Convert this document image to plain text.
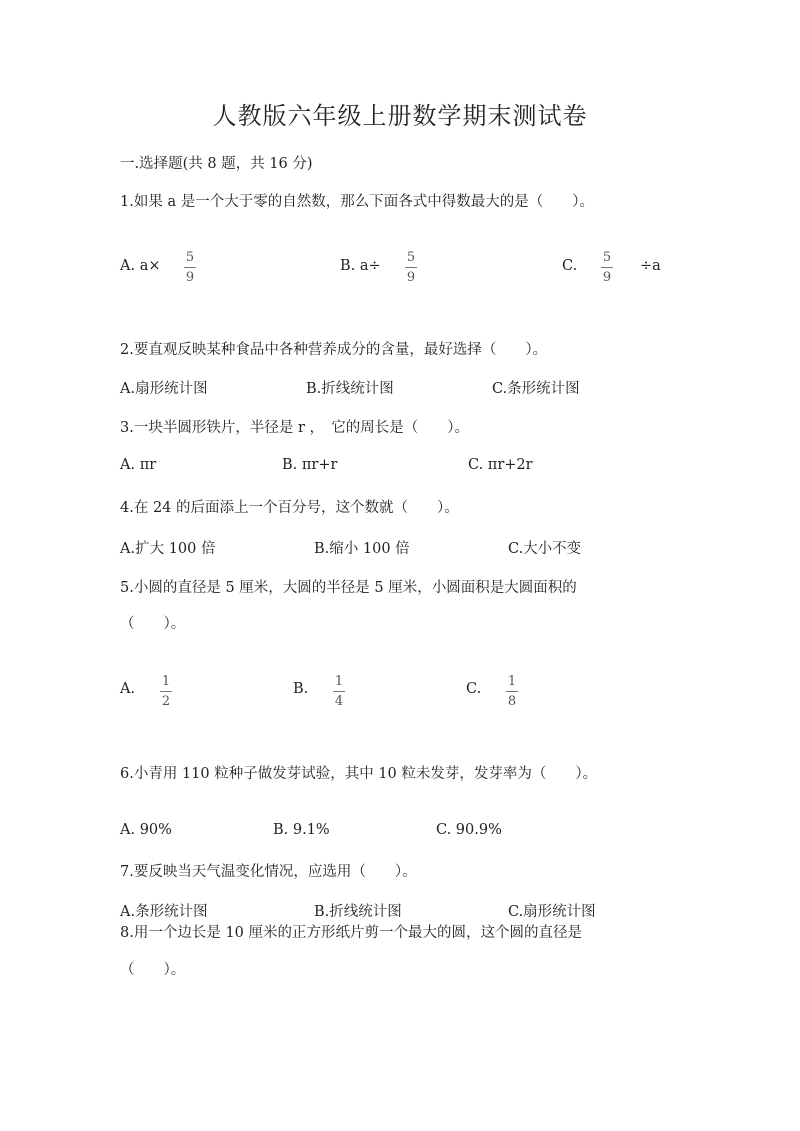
人教版六年级上册数学期末测试卷
一.选择题(共 8 题，共 16 分)
1.如果 a 是一个大于零的自然数，那么下面各式中得数最大的是（　　）。
A. a×
5
9
B. a÷
5
9
C.
5
9
÷a
2.要直观反映某种食品中各种营养成分的含量，最好选择（　　）。
A.扇形统计图	B.折线统计图	C.条形统计图
3.一块半圆形铁片，半径是 r ，　它的周长是（　　）。
A. πr	B. πr+r	C. πr+2r
4.在 24 的后面添上一个百分号，这个数就（　　）。
A.扩大 100 倍	B.缩小 100 倍	C.大小不变
5.小圆的直径是 5 厘米，大圆的半径是 5 厘米，小圆面积是大圆面积的
（　　）。
A. 1
2
B. 1
4
C. 1
8
6.小青用 110 粒种子做发芽试验，其中 10 粒未发芽，发芽率为（　　）。
A. 90%	B. 9.1%	C. 90.9%
7.要反映当天气温变化情况，应选用（　　）。
A.条形统计图	B.折线统计图	C.扇形统计图
8.用一个边长是 10 厘米的正方形纸片剪一个最大的圆，这个圆的直径是
（　　）。
